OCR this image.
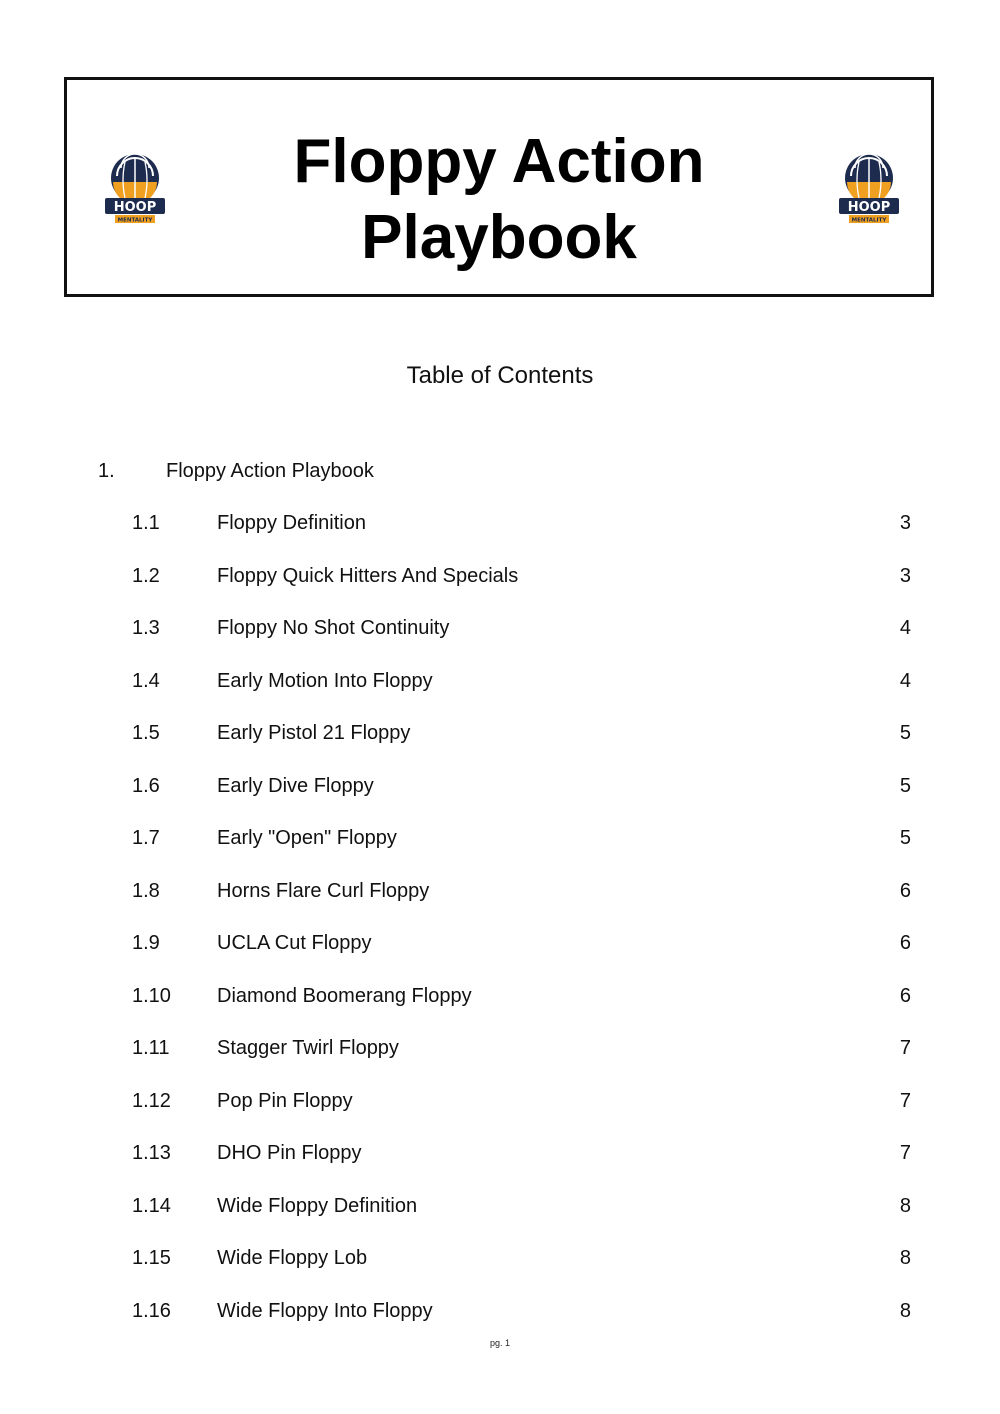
HOOP
MENTALITY
Floppy Action
Playbook	HOOP
MENTALITY
Table of Contents
1.	Floppy Action Playbook
1.1	Floppy Definition	3
1.2	Floppy Quick Hitters And Specials	3
1.3	Floppy No Shot Continuity	4
1.4	Early Motion Into Floppy	4
1.5	Early Pistol 21 Floppy	5
1.6	Early Dive Floppy	5
1.7	Early "Open" Floppy	5
1.8	Horns Flare Curl Floppy	6
1.9	UCLA Cut Floppy	6
1.10 Diamond Boomerang Floppy	6
1.11 Stagger Twirl Floppy	7
1.12 Pop Pin Floppy	7
1.13 DHO Pin Floppy	7
1.14 Wide Floppy Definition	8
1.15 Wide Floppy Lob	8
1.16 Wide Floppy Into Floppy	8
pg. 1
